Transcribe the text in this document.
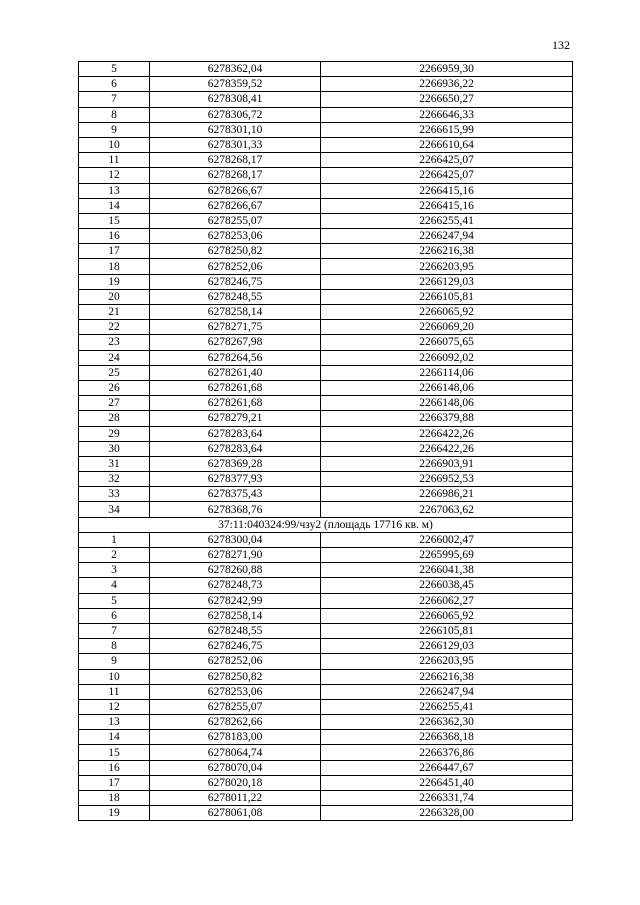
132
5	6278362,04	2266959,30
6	6278359,52	2266936,22
7	6278308,41	2266650,27
8	6278306,72	2266646,33
9	6278301,10	2266615,99
10	6278301,33	2266610,64
11	6278268,17	2266425,07
12	6278268,17	2266425,07
13	6278266,67	2266415,16
14	6278266,67	2266415,16
15	6278255,07	2266255,41
16	6278253,06	2266247,94
17	6278250,82	2266216,38
18	6278252,06	2266203,95
19	6278246,75	2266129,03
20	6278248,55	2266105,81
21	6278258,14	2266065,92
22	6278271,75	2266069,20
23	6278267,98	2266075,65
24	6278264,56	2266092,02
25	6278261,40	2266114,06
26	6278261,68	2266148,06
27	6278261,68	2266148,06
28	6278279,21	2266379,88
29	6278283,64	2266422,26
30	6278283,64	2266422,26
31	6278369,28	2266903,91
32	6278377,93	2266952,53
33	6278375,43	2266986,21
34	6278368,76	2267063,62
37:11:040324:99/чзу2 (площадь 17716 кв. м)		
1	6278300,04	2266002,47
2	6278271,90	2265995,69
3	6278260,88	2266041,38
4	6278248,73	2266038,45
5	6278242,99	2266062,27
6	6278258,14	2266065,92
7	6278248,55	2266105,81
8	6278246,75	2266129,03
9	6278252,06	2266203,95
10	6278250,82	2266216,38
11	6278253,06	2266247,94
12	6278255,07	2266255,41
13	6278262,66	2266362,30
14	6278183,00	2266368,18
15	6278064,74	2266376,86
16	6278070,04	2266447,67
17	6278020,18	2266451,40
18	6278011,22	2266331,74
19	6278061,08	2266328,00
